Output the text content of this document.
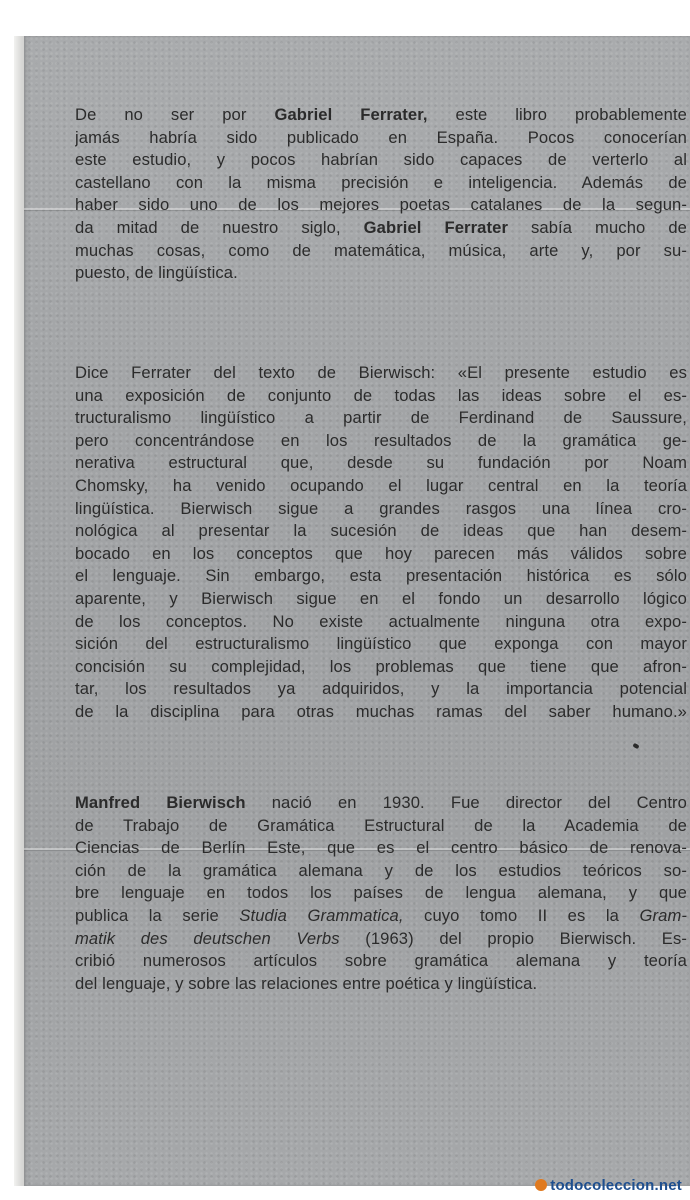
De no ser por Gabriel Ferrater, este libro probablemente
jamás habría sido publicado en España. Pocos conocerían
este estudio, y pocos habrían sido capaces de verterlo al
castellano con la misma precisión e inteligencia. Además de
haber sido uno de los mejores poetas catalanes de la segun-
da mitad de nuestro siglo, Gabriel Ferrater sabía mucho de
muchas cosas, como de matemática, música, arte y, por su-
puesto, de lingüística.
Dice Ferrater del texto de Bierwisch: «El presente estudio es
una exposición de conjunto de todas las ideas sobre el es-
tructuralismo lingüístico a partir de Ferdinand de Saussure,
pero concentrándose en los resultados de la gramática ge-
nerativa estructural que, desde su fundación por Noam
Chomsky, ha venido ocupando el lugar central en la teoría
lingüística. Bierwisch sigue a grandes rasgos una línea cro-
nológica al presentar la sucesión de ideas que han desem-
bocado en los conceptos que hoy parecen más válidos sobre
el lenguaje. Sin embargo, esta presentación histórica es sólo
aparente, y Bierwisch sigue en el fondo un desarrollo lógico
de los conceptos. No existe actualmente ninguna otra expo-
sición del estructuralismo lingüístico que exponga con mayor
concisión su complejidad, los problemas que tiene que afron-
tar, los resultados ya adquiridos, y la importancia potencial
de la disciplina para otras muchas ramas del saber humano.»
Manfred Bierwisch nació en 1930. Fue director del Centro
de Trabajo de Gramática Estructural de la Academia de
Ciencias de Berlín Este, que es el centro básico de renova-
ción de la gramática alemana y de los estudios teóricos so-
bre lenguaje en todos los países de lengua alemana, y que
publica la serie Studia Grammatica, cuyo tomo II es la Gram-
matik des deutschen Verbs (1963) del propio Bierwisch. Es-
cribió numerosos artículos sobre gramática alemana y teoría
del lenguaje, y sobre las relaciones entre poética y lingüística.
todocoleccion.net
